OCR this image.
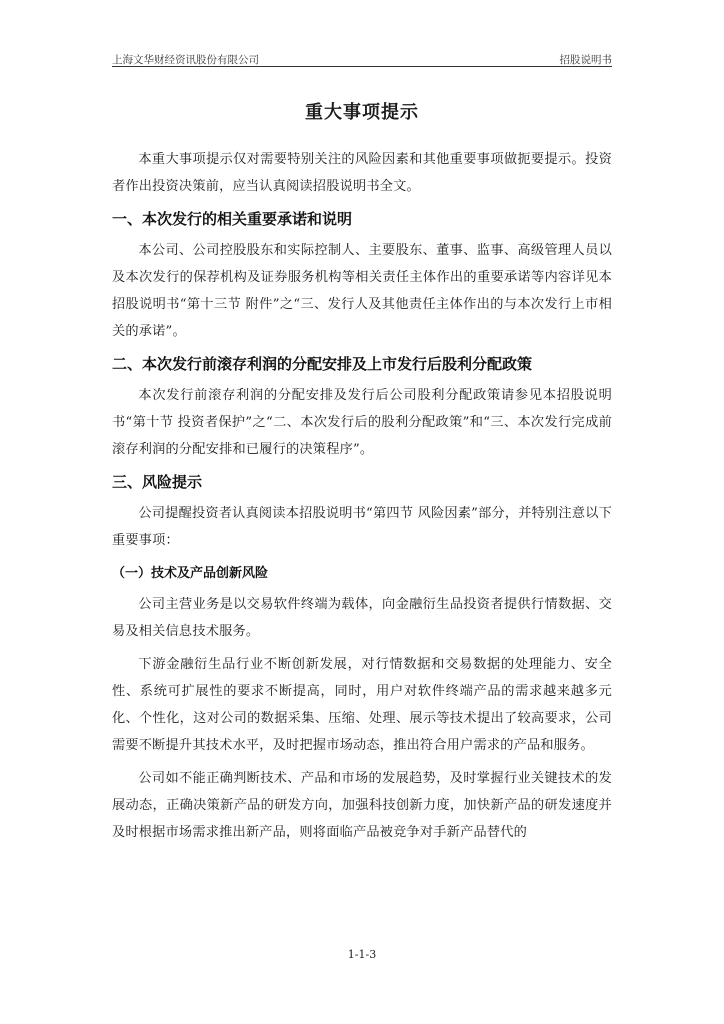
上海文华财经资讯股份有限公司	招股说明书
重大事项提示

本重大事项提示仅对需要特别关注的风险因素和其他重要事项做扼要提示。投资者作出投资决策前，应当认真阅读招股说明书全文。

一、本次发行的相关重要承诺和说明

本公司、公司控股股东和实际控制人、主要股东、董事、监事、高级管理人员以及本次发行的保荐机构及证券服务机构等相关责任主体作出的重要承诺等内容详见本招股说明书“第十三节 附件”之“三、发行人及其他责任主体作出的与本次发行上市相关的承诺”。

二、本次发行前滚存利润的分配安排及上市发行后股利分配政策

本次发行前滚存利润的分配安排及发行后公司股利分配政策请参见本招股说明书“第十节 投资者保护”之“二、本次发行后的股利分配政策”和“三、本次发行完成前滚存利润的分配安排和已履行的决策程序”。

三、风险提示

公司提醒投资者认真阅读本招股说明书“第四节 风险因素”部分，并特别注意以下重要事项：

（一）技术及产品创新风险

公司主营业务是以交易软件终端为载体，向金融衍生品投资者提供行情数据、交易及相关信息技术服务。

下游金融衍生品行业不断创新发展，对行情数据和交易数据的处理能力、安全性、系统可扩展性的要求不断提高，同时，用户对软件终端产品的需求越来越多元化、个性化，这对公司的数据采集、压缩、处理、展示等技术提出了较高要求，公司需要不断提升其技术水平，及时把握市场动态，推出符合用户需求的产品和服务。

公司如不能正确判断技术、产品和市场的发展趋势，及时掌握行业关键技术的发展动态，正确决策新产品的研发方向，加强科技创新力度，加快新产品的研发速度并及时根据市场需求推出新产品，则将面临产品被竞争对手新产品替代的

1-1-3
